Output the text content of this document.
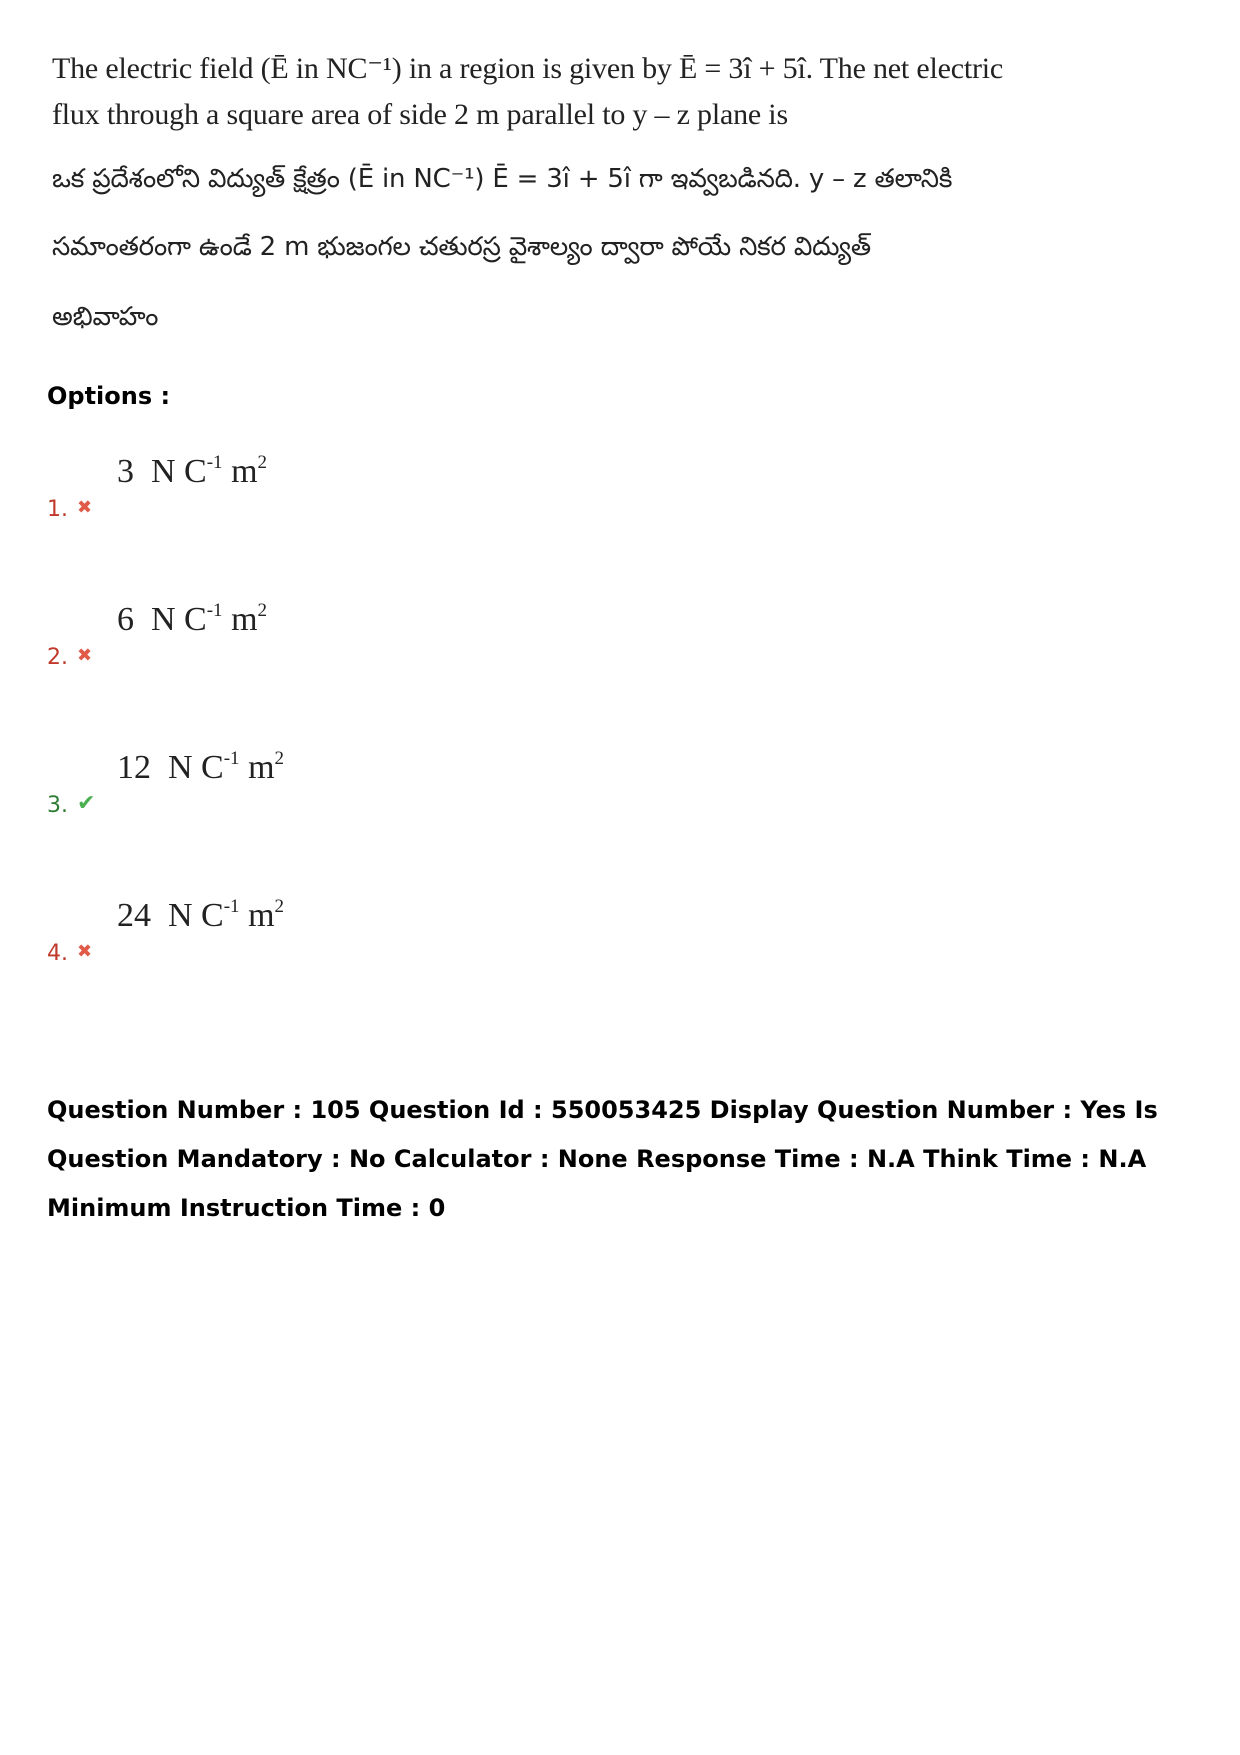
The electric field (Ē in NC⁻¹) in a region is given by Ē = 3î + 5î. The net electric
flux through a square area of side 2 m parallel to y – z plane is
ఒక ప్రదేశంలోని విద్యుత్ క్షేత్రం (Ē in NC⁻¹) Ē = 3î + 5î గా ఇవ్వబడినది. y – z తలానికి
సమాంతరంగా ఉండే 2 m భుజంగల చతురస్ర వైశాల్యం ద్వారా పోయే నికర విద్యుత్
అభివాహం
Options :
1. ✖
3 N $C^{-1}$ $m^2$
2. ✖
6 N $C^{-1}$ $m^2$
3. ✔
12 N $C^{-1}$ $m^2$
4. ✖
24 N $C^{-1}$ $m^2$
Question Number : 105 Question Id : 550053425 Display Question Number : Yes Is Question Mandatory : No Calculator : None Response Time : N.A Think Time : N.A Minimum Instruction Time : 0
